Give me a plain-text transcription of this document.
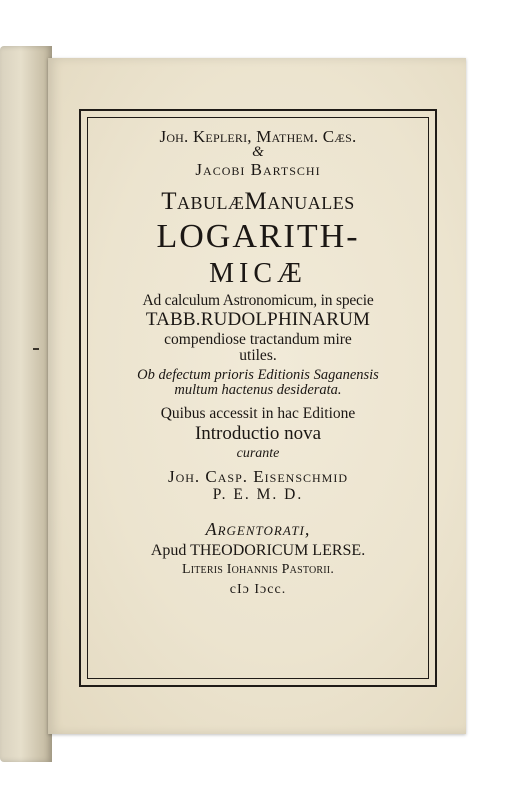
Joh. Kepleri, Mathem. Cæs.
&
Jacobi Bartschi
TabulæManuales
LOGARITH-
MICÆ
Ad calculum Astronomicum, in specie
TABB.RUDOLPHINARUM
compendiose tractandum mire
utiles.
Ob defectum prioris Editionis Saganensis
multum hactenus desiderata.
Quibus accessit in hac Editione
Introductio nova
curante
Joh. Casp. Eisenschmid
P. E. M. D.
Argentorati,
Apud THEODORICUM LERSE.
Literis Iohannis Pastorii.
cIɔ Iɔcc.
